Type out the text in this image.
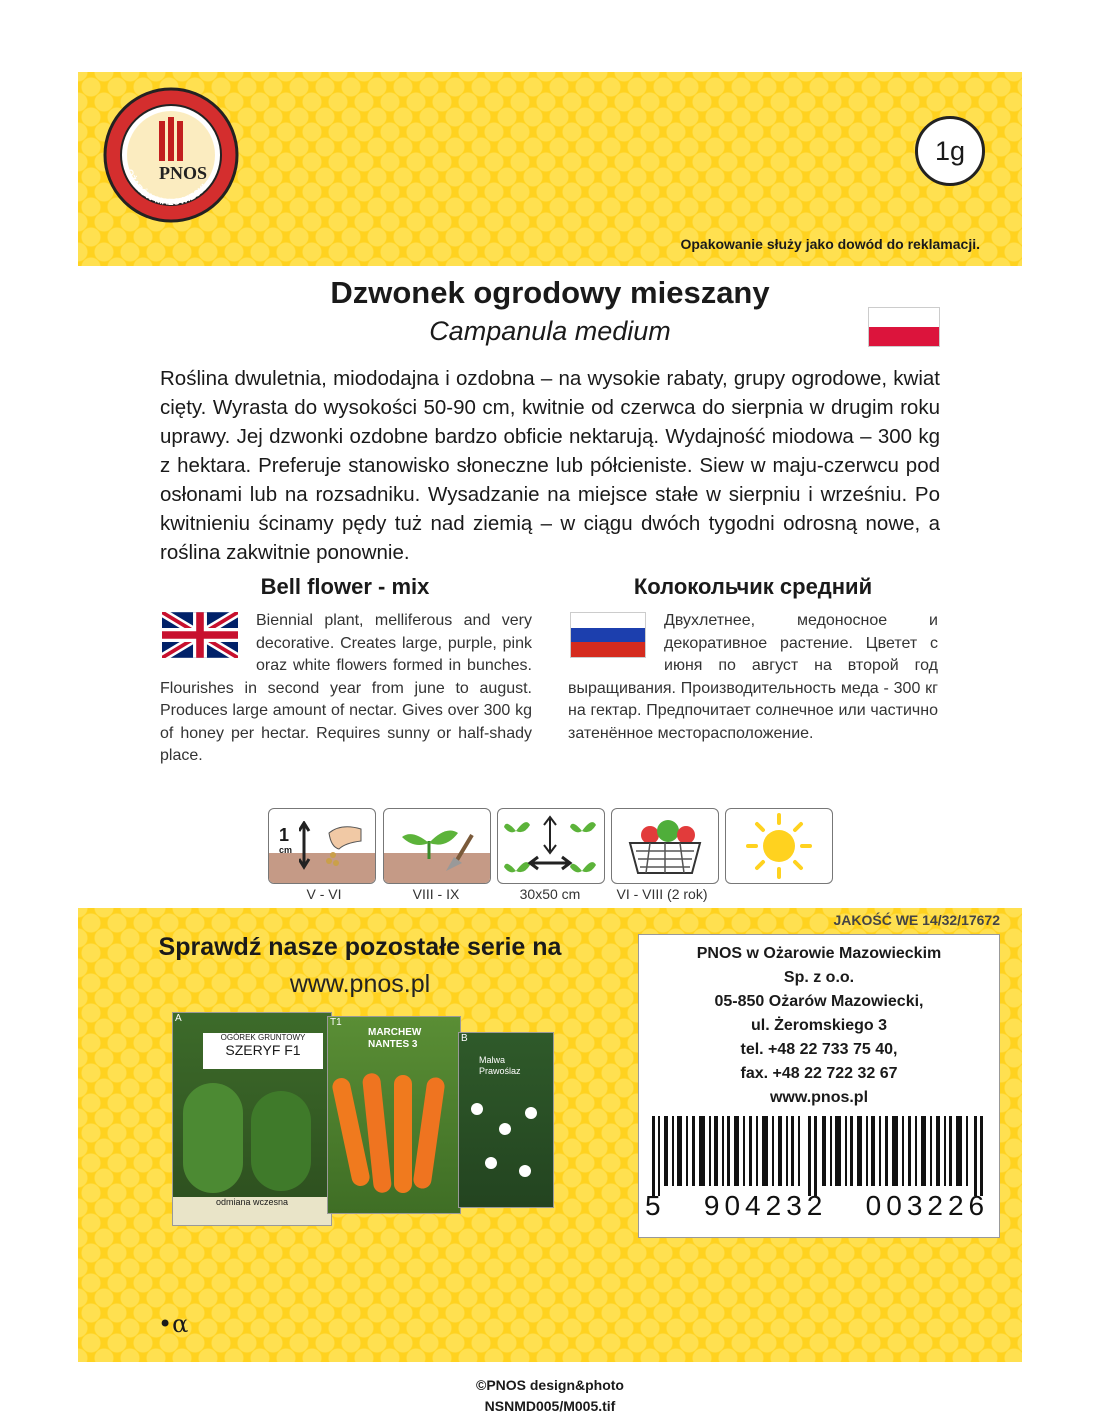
PNOS
OŻARÓW MAZOWIECKI
1g
Opakowanie służy jako dowód do reklamacji.
Dzwonek ogrodowy mieszany
Campanula medium
Roślina dwuletnia, miododajna i ozdobna – na wysokie rabaty, grupy ogrodowe, kwiat cięty. Wyrasta do wysokości 50-90 cm, kwitnie od czerwca do sierpnia w drugim roku uprawy. Jej dzwonki ozdobne bardzo obficie nektarują. Wydajność miodowa – 300 kg z hektara. Preferuje stanowisko słoneczne lub półcieniste. Siew w maju-czerwcu pod osłonami lub na rozsadniku. Wysadzanie na miejsce stałe w sierpniu i wrześniu. Po kwitnieniu ścinamy pędy tuż nad ziemią – w ciągu dwóch tygodni odrosną nowe, a roślina zakwitnie ponownie.
Bell flower - mix
Biennial plant, melliferous and very decorative. Creates large, purple, pink oraz white flowers formed in bunches. Flourishes in second year from june to august. Produces large amount of nectar. Gives over 300 kg of honey per hectar. Requires sunny or half-shady place.
Колокольчик средний
Двухлетнее, медоносное и декоративное растение. Цветет с июня по август на второй год выращивания. Производительность меда - 300 кг на гектар. Предпочитает солнечное или частично затенённое месторасположение.
1
cm
V - VI	VIII - IX	30x50 cm	VI - VIII (2 rok)
JAKOŚĆ WE 14/32/17672
Sprawdź nasze pozostałe serie na
www.pnos.pl
A
OGÓREK GRUNTOWY
SZERYF F1
odmiana wczesna
T1
MARCHEW
NANTES 3
B
Malwa
Prawoślaz
PNOS w Ożarowie Mazowieckim
Sp. z o.o.
05-850 Ożarów Mazowiecki,
ul. Żeromskiego 3
tel. +48 22 733 75 40,
fax. +48 22 722 32 67
www.pnos.pl
5   904232   003226
•α
©PNOS design&photo
NSNMD005/M005.tif
